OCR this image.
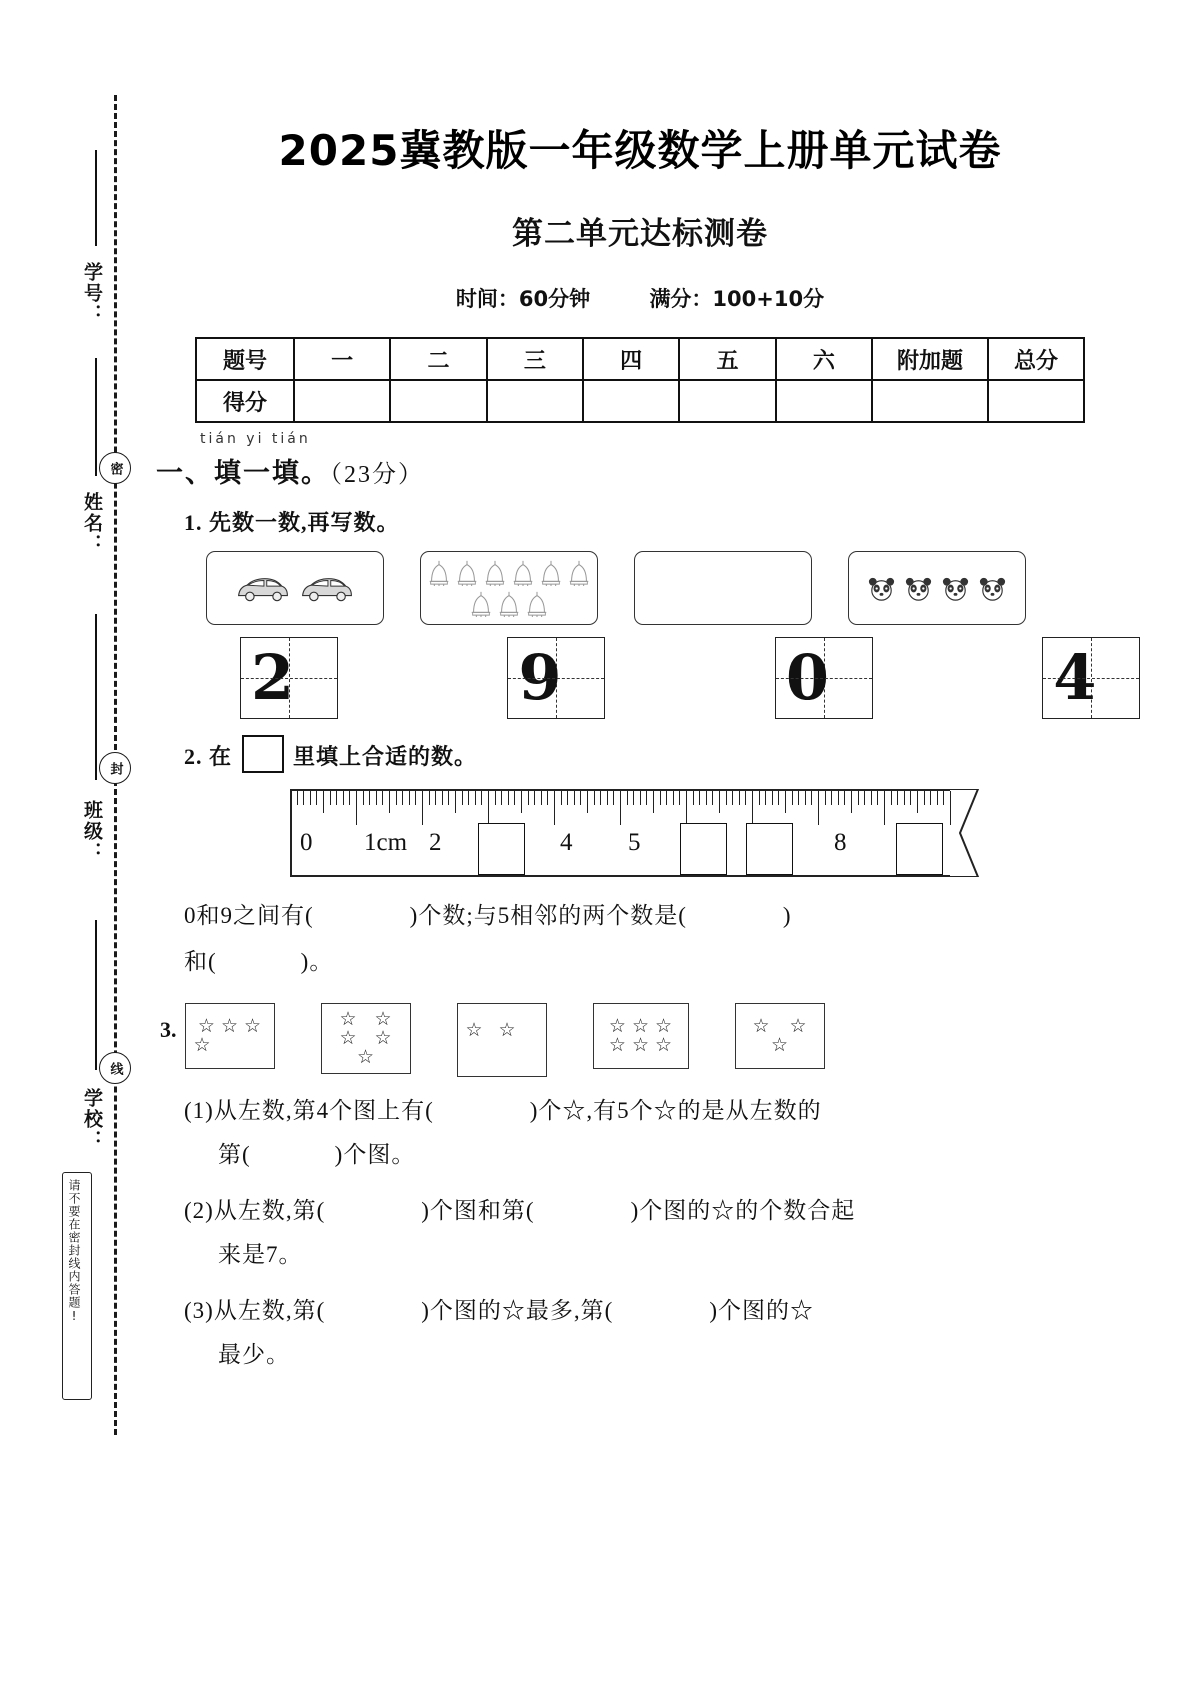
密
封
线
学号：
姓名：
班级：
学校：
请不要在密封线内答题!
2025冀教版一年级数学上册单元试卷
第二单元达标测卷
时间：60分钟	满分：100+10分
题号	一	二	三	四	五	六	附加题	总分
得分								
tián yi tián
一、填一填。（23分）
1. 先数一数,再写数。
2	9	0	4
2. 在	里填上合适的数。
0 1cm 2	4 5	8
0和9之间有(	)个数;与5相邻的两个数是(	)
和(	)。
3. ☆ ☆ ☆
☆
☆ ☆
☆ ☆
☆
☆ ☆	☆ ☆ ☆
☆ ☆ ☆
☆ ☆
☆
(1)从左数,第4个图上有(	)个☆,有5个☆的是从左数的
第(	)个图。
(2)从左数,第(	)个图和第(	)个图的☆的个数合起
来是7。
(3)从左数,第(	)个图的☆最多,第(	)个图的☆
最少。
